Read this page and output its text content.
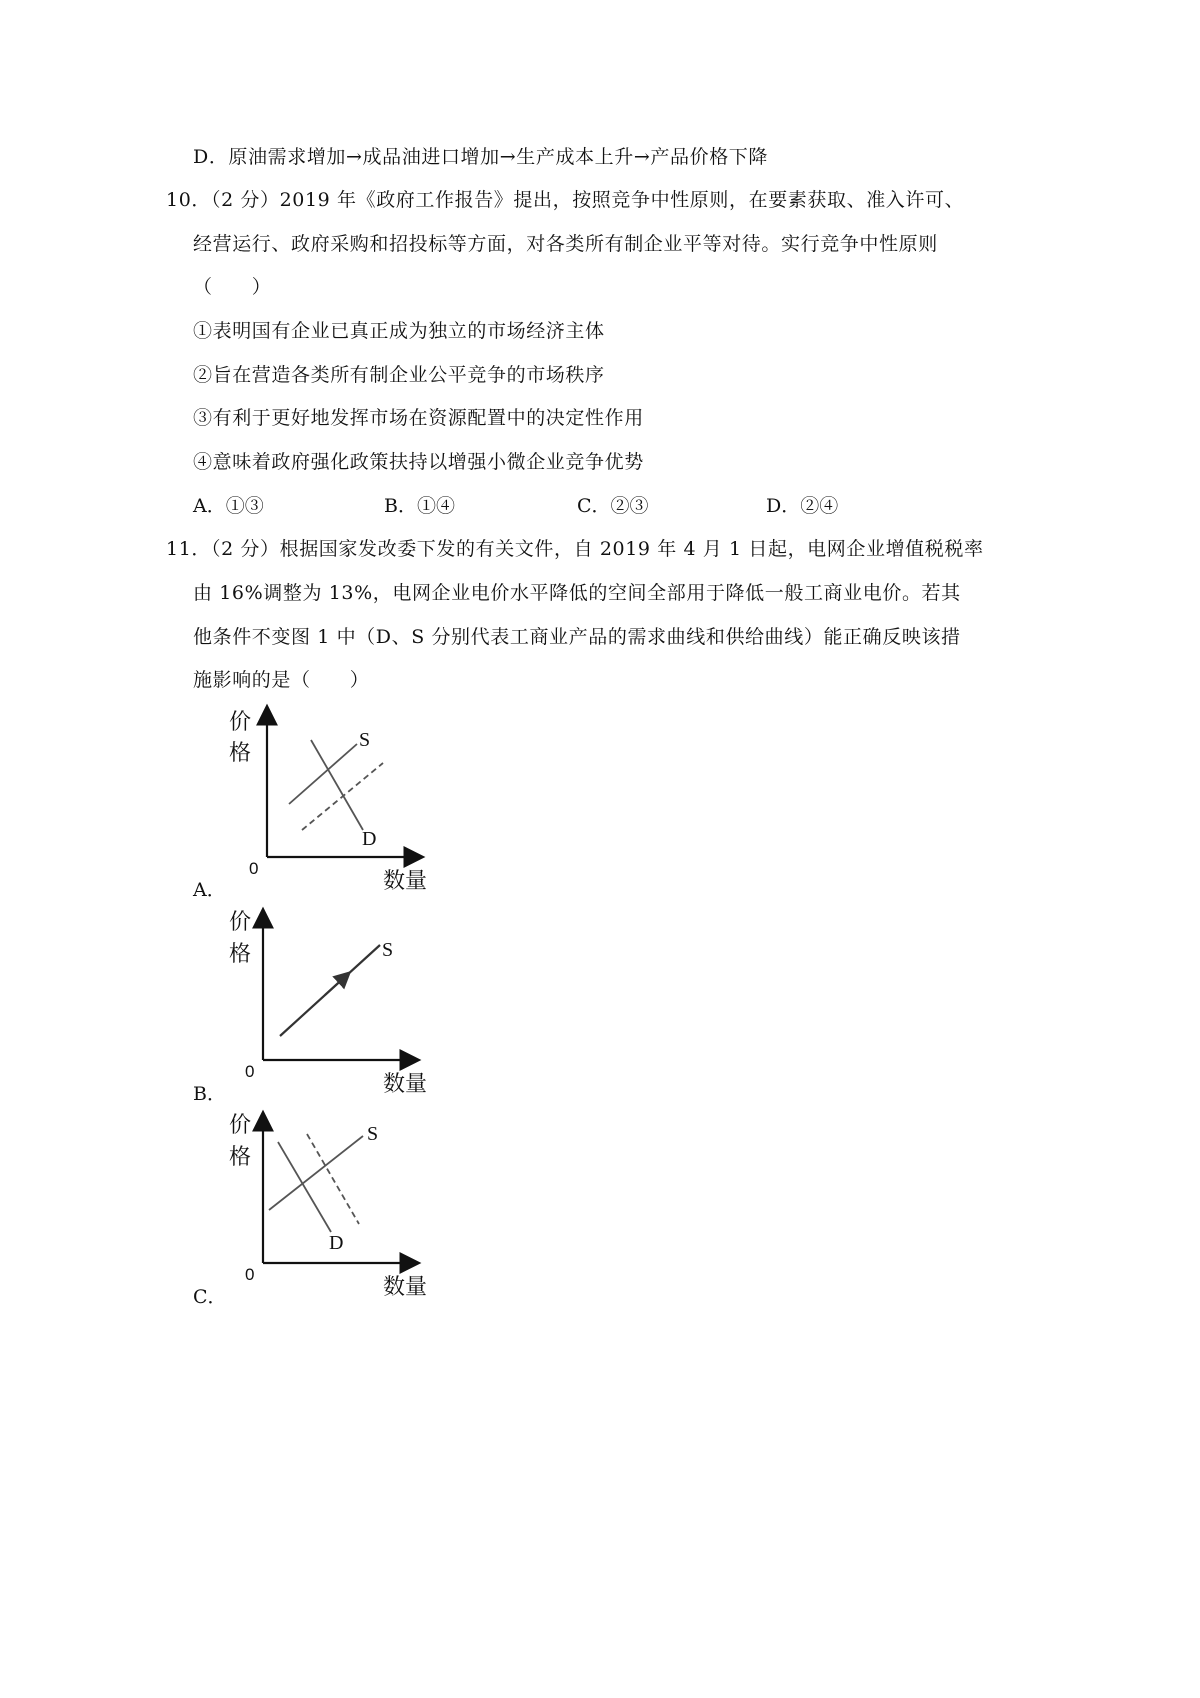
D．原油需求增加→成品油进口增加→生产成本上升→产品价格下降
10．（2 分）2019 年《政府工作报告》提出，按照竞争中性原则，在要素获取、准入许可、
经营运行、政府采购和招投标等方面，对各类所有制企业平等对待。实行竞争中性原则
（　　）
①表明国有企业已真正成为独立的市场经济主体
②旨在营造各类所有制企业公平竞争的市场秩序
③有利于更好地发挥市场在资源配置中的决定性作用
④意味着政府强化政策扶持以增强小微企业竞争优势
A．①③	B．①④	C．②③	D．②④
11．（2 分）根据国家发改委下发的有关文件，自 2019 年 4 月 1 日起，电网企业增值税税率
由 16%调整为 13%，电网企业电价水平降低的空间全部用于降低一般工商业电价。若其
他条件不变图 1 中（D、S 分别代表工商业产品的需求曲线和供给曲线）能正确反映该措
施影响的是（　　）
价
格
0
数量
S
D
A．
价
格
0
数量
S
B．
价
格
0
数量
S
D
C．
